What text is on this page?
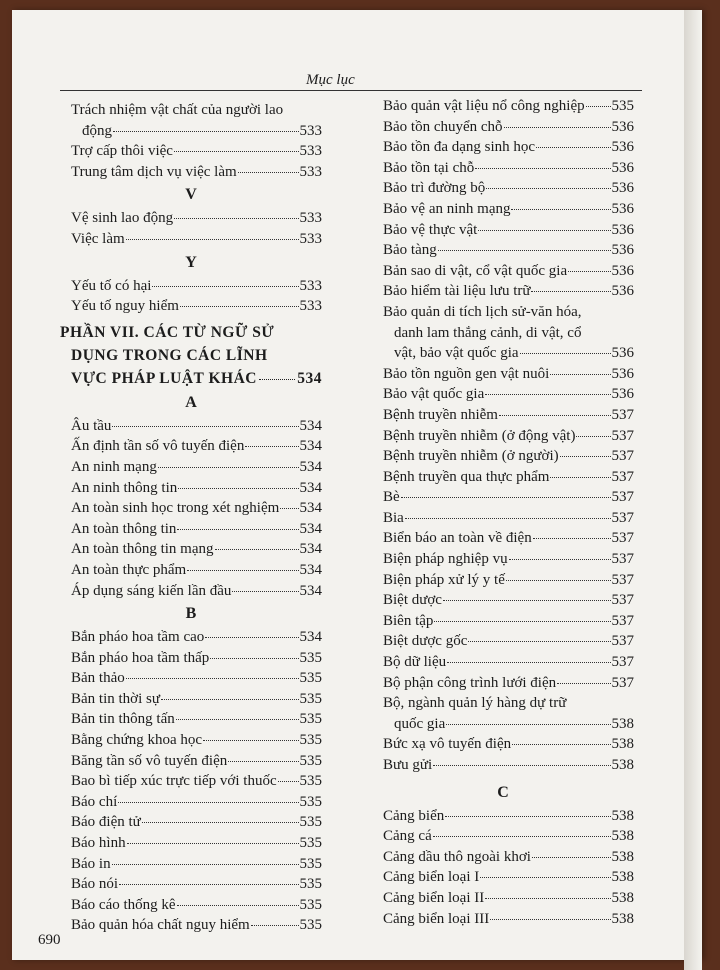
Mục lục
Trách nhiệm vật chất của người lao
động	533
Trợ cấp thôi việc	533
Trung tâm dịch vụ việc làm	533
V
Vệ sinh lao động	533
Việc làm	533
Y
Yếu tố có hại	533
Yếu tố nguy hiểm	533
PHẦN VII. CÁC TỪ NGỮ SỬ
DỤNG TRONG CÁC LĨNH
VỰC PHÁP LUẬT KHÁC	534
A
Âu tầu	534
Ấn định tần số vô tuyến điện	534
An ninh mạng	534
An ninh thông tin	534
An toàn sinh học trong xét nghiệm 534
An toàn thông tin	534
An toàn thông tin mạng	534
An toàn thực phẩm	534
Áp dụng sáng kiến lần đầu	534
B
Bắn pháo hoa tầm cao	534
Bắn pháo hoa tầm thấp	535
Bản thảo	535
Bản tin thời sự	535
Bản tin thông tấn	535
Bằng chứng khoa học	535
Băng tần số vô tuyến điện	535
Bao bì tiếp xúc trực tiếp với thuốc 535
Báo chí	535
Báo điện tử	535
Báo hình	535
Báo in	535
Báo nói	535
Báo cáo thống kê	535
Bảo quản hóa chất nguy hiểm	535
Bảo quản vật liệu nổ công nghiệp 535
Bảo tồn chuyển chỗ	536
Bảo tồn đa dạng sinh học	536
Bảo tồn tại chỗ	536
Bảo trì đường bộ	536
Bảo vệ an ninh mạng	536
Bảo vệ thực vật	536
Bảo tàng	536
Bản sao di vật, cổ vật quốc gia	536
Bảo hiểm tài liệu lưu trữ	536
Bảo quản di tích lịch sử-văn hóa,
danh lam thắng cảnh, di vật, cổ
vật, bảo vật quốc gia	536
Bảo tồn nguồn gen vật nuôi	536
Bảo vật quốc gia	536
Bệnh truyền nhiễm	537
Bệnh truyền nhiễm (ở động vật) 537
Bệnh truyền nhiễm (ở người)	537
Bệnh truyền qua thực phẩm	537
Bè	537
Bia	537
Biển báo an toàn về điện	537
Biện pháp nghiệp vụ	537
Biện pháp xử lý y tế	537
Biệt dược	537
Biên tập	537
Biệt dược gốc	537
Bộ dữ liệu	537
Bộ phận công trình lưới điện	537
Bộ, ngành quản lý hàng dự trữ
quốc gia	538
Bức xạ vô tuyến điện	538
Bưu gửi	538
C
Cảng biển	538
Cảng cá	538
Cảng dầu thô ngoài khơi	538
Cảng biển loại I	538
Cảng biển loại II	538
Cảng biển loại III	538
690
